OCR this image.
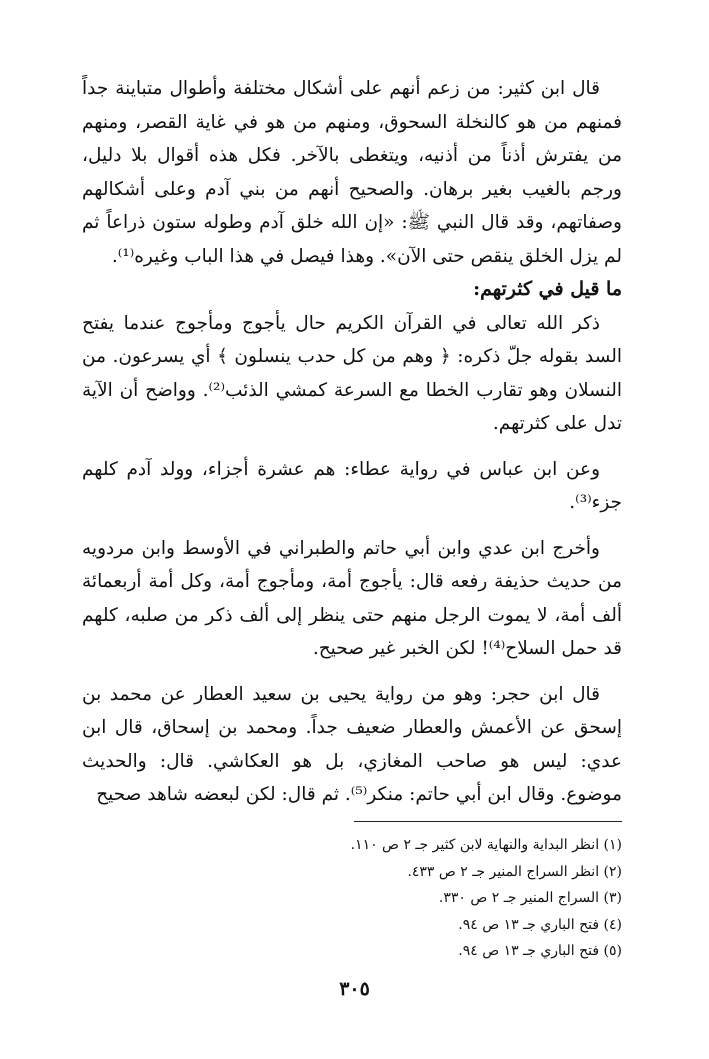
قال ابن كثير: من زعم أنهم على أشكال مختلفة وأطوال متباينة جداً فمنهم من هو كالنخلة السحوق، ومنهم من هو في غاية القصر، ومنهم من يفترش أذناً من أذنيه، ويتغطى بالآخر. فكل هذه أقوال بلا دليل، ورجم بالغيب بغير برهان. والصحيح أنهم من بني آدم وعلى أشكالهم وصفاتهم، وقد قال النبي ﷺ: «إن الله خلق آدم وطوله ستون ذراعاً ثم لم يزل الخلق ينقص حتى الآن». وهذا فيصل في هذا الباب وغيره⁽¹⁾.

ما قيل في كثرتهم:

ذكر الله تعالى في القرآن الكريم حال يأجوج ومأجوج عندما يفتح السد بقوله جلّ ذكره: ﴿ وهم من كل حدب ينسلون ﴾ أي يسرعون. من النسلان وهو تقارب الخطا مع السرعة كمشي الذئب⁽²⁾. وواضح أن الآية تدل على كثرتهم.

وعن ابن عباس في رواية عطاء: هم عشرة أجزاء، وولد آدم كلهم جزء⁽³⁾.

وأخرج ابن عدي وابن أبي حاتم والطبراني في الأوسط وابن مردويه من حديث حذيفة رفعه قال: يأجوج أمة، ومأجوج أمة، وكل أمة أربعمائة ألف أمة، لا يموت الرجل منهم حتى ينظر إلى ألف ذكر من صلبه، كلهم قد حمل السلاح⁽⁴⁾! لكن الخبر غير صحيح.

قال ابن حجر: وهو من رواية يحيى بن سعيد العطار عن محمد بن إسحق عن الأعمش والعطار ضعيف جداً. ومحمد بن إسحاق، قال ابن عدي: ليس هو صاحب المغازي، بل هو العكاشي. قال: والحديث موضوع. وقال ابن أبي حاتم: منكر⁽⁵⁾. ثم قال: لكن لبعضه شاهد صحيح

(١) انظر البداية والنهاية لابن كثير جـ ٢ ص ١١٠.

(٢) انظر السراج المنير جـ ٢ ص ٤٣٣.

(٣) السراج المنير جـ ٢ ص ٣٣٠.

(٤) فتح الباري جـ ١٣ ص ٩٤.

(٥) فتح الباري جـ ١٣ ص ٩٤.

٣٠٥
